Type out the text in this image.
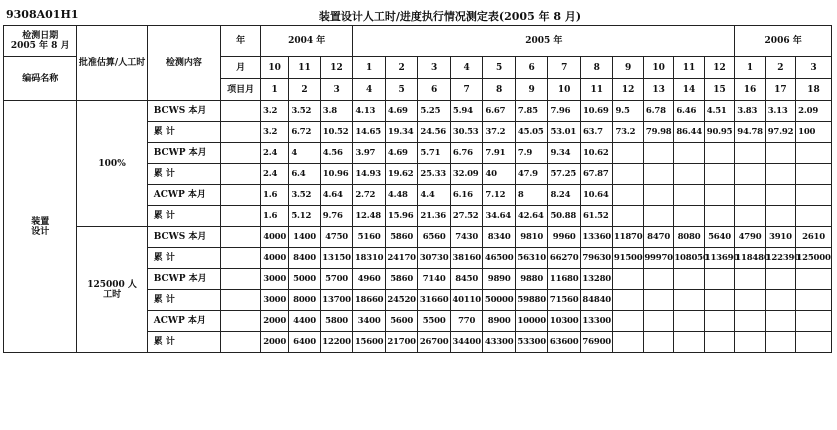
9308A01H1	装置设计人工时/进度执行情况测定表(2005 年 8 月)
检测日期
2005 年 8 月	批准估算/人工时	检测内容	年	2004 年			2005 年												2006 年		
编码名称			月	10	11	12	1	2	3	4	5	6	7	8	9	10	11	12	1	2	3
			项目月	1	2	3	4	5	6	7	8	9	10	11	12	13	14	15	16	17	18
装置设计	100%	BCWS 本月		3.2	3.52	3.8	4.13	4.69	5.25	5.94	6.67	7.85	7.96	10.69	9.5	6.78	6.46	4.51	3.83	3.13	2.09
		累 计		3.2	6.72	10.52	14.65	19.34	24.56	30.53	37.2	45.05	53.01	63.7	73.2	79.98	86.44	90.95	94.78	97.92	100
		BCWP 本月		2.4	4	4.56	3.97	4.69	5.71	6.76	7.91	7.9	9.34	10.62							
		累 计		2.4	6.4	10.96	14.93	19.62	25.33	32.09	40	47.9	57.25	67.87							
		ACWP 本月		1.6	3.52	4.64	2.72	4.48	4.4	6.16	7.12	8	8.24	10.64							
		累 计		1.6	5.12	9.76	12.48	15.96	21.36	27.52	34.64	42.64	50.88	61.52							
	125000 人工时	BCWS 本月		4000	1400	4750	5160	5860	6560	7430	8340	9810	9960	13360	11870	8470	8080	5640	4790	3910	2610
		累 计		4000	8400	13150	18310	24170	30730	38160	46500	56310	66270	79630	91500	99970	108050	113690	118480	122390	125000
		BCWP 本月		3000	5000	5700	4960	5860	7140	8450	9890	9880	11680	13280							
		累 计		3000	8000	13700	18660	24520	31660	40110	50000	59880	71560	84840							
		ACWP 本月		2000	4400	5800	3400	5600	5500	770	8900	10000	10300	13300							
		累 计		2000	6400	12200	15600	21700	26700	34400	43300	53300	63600	76900							
